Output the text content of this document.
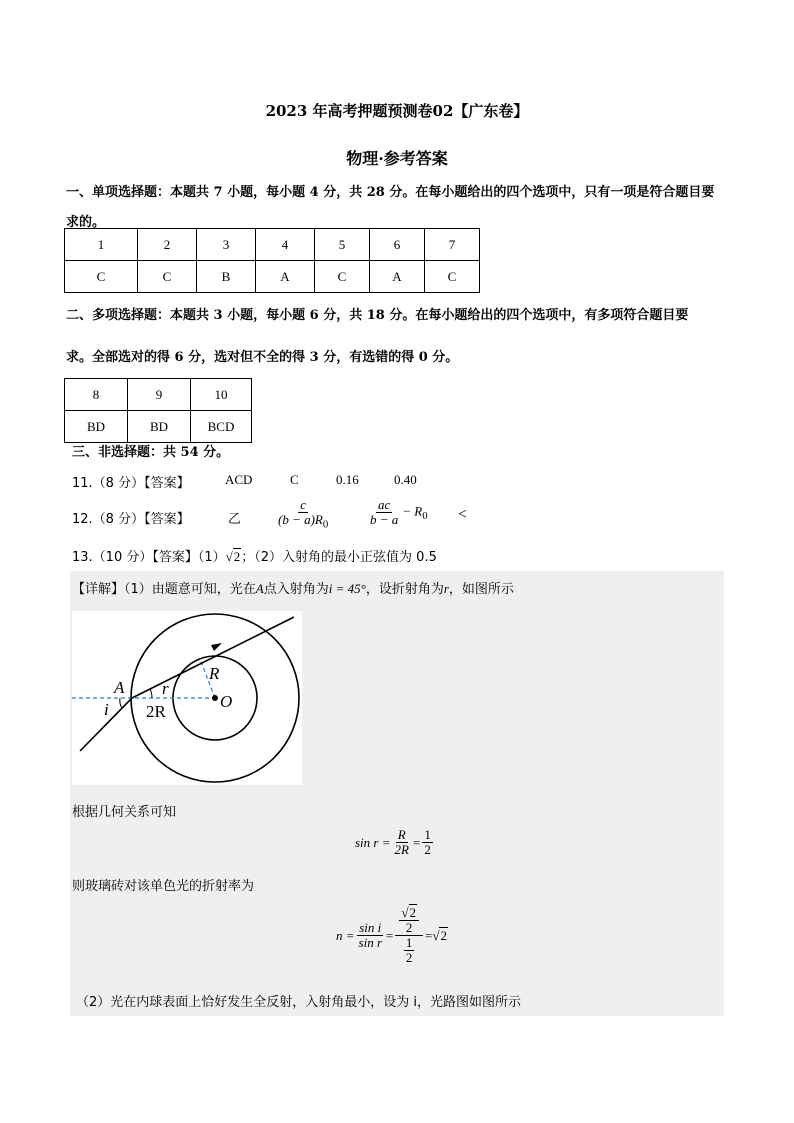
2023 年高考押题预测卷02【广东卷】
物理·参考答案
一、单项选择题：本题共 7 小题，每小题 4 分，共 28 分。在每小题给出的四个选项中，只有一项是符合题目要求的。
1	2	3	4	5	6	7
C	C	B	A	C	A	C
二、多项选择题：本题共 3 小题，每小题 6 分，共 18 分。在每小题给出的四个选项中，有多项符合题目要
求。全部选对的得 6 分，选对但不全的得 3 分，有选错的得 0 分。
8	9	10
BD	BD	BCD
三、非选择题：共 54 分。
11.（8 分）【答案】	ACD	C	0.16	0.40
12.（8 分）【答案】	乙	$\frac{c}{(b - a)R_0}$	$\frac{ac}{b - a} - R_0$ <
13.（10 分）【答案】（1）√2；（2）入射角的最小正弦值为 0.5
【详解】（1）由题意可知，光在A点入射角为i = 45°，设折射角为r，如图所示
A
i
r
R
O
2R
根据几何关系可知
$\sin r = \frac{R}{2R} = \frac{1}{2}$
则玻璃砖对该单色光的折射率为
$n = \frac{\text{sin i}}{\text{sin r}} = \frac{\frac{√2}{2}}{\frac{1}{2}} = √2$
（2）光在内球表面上恰好发生全反射，入射角最小，设为 i，光路图如图所示
